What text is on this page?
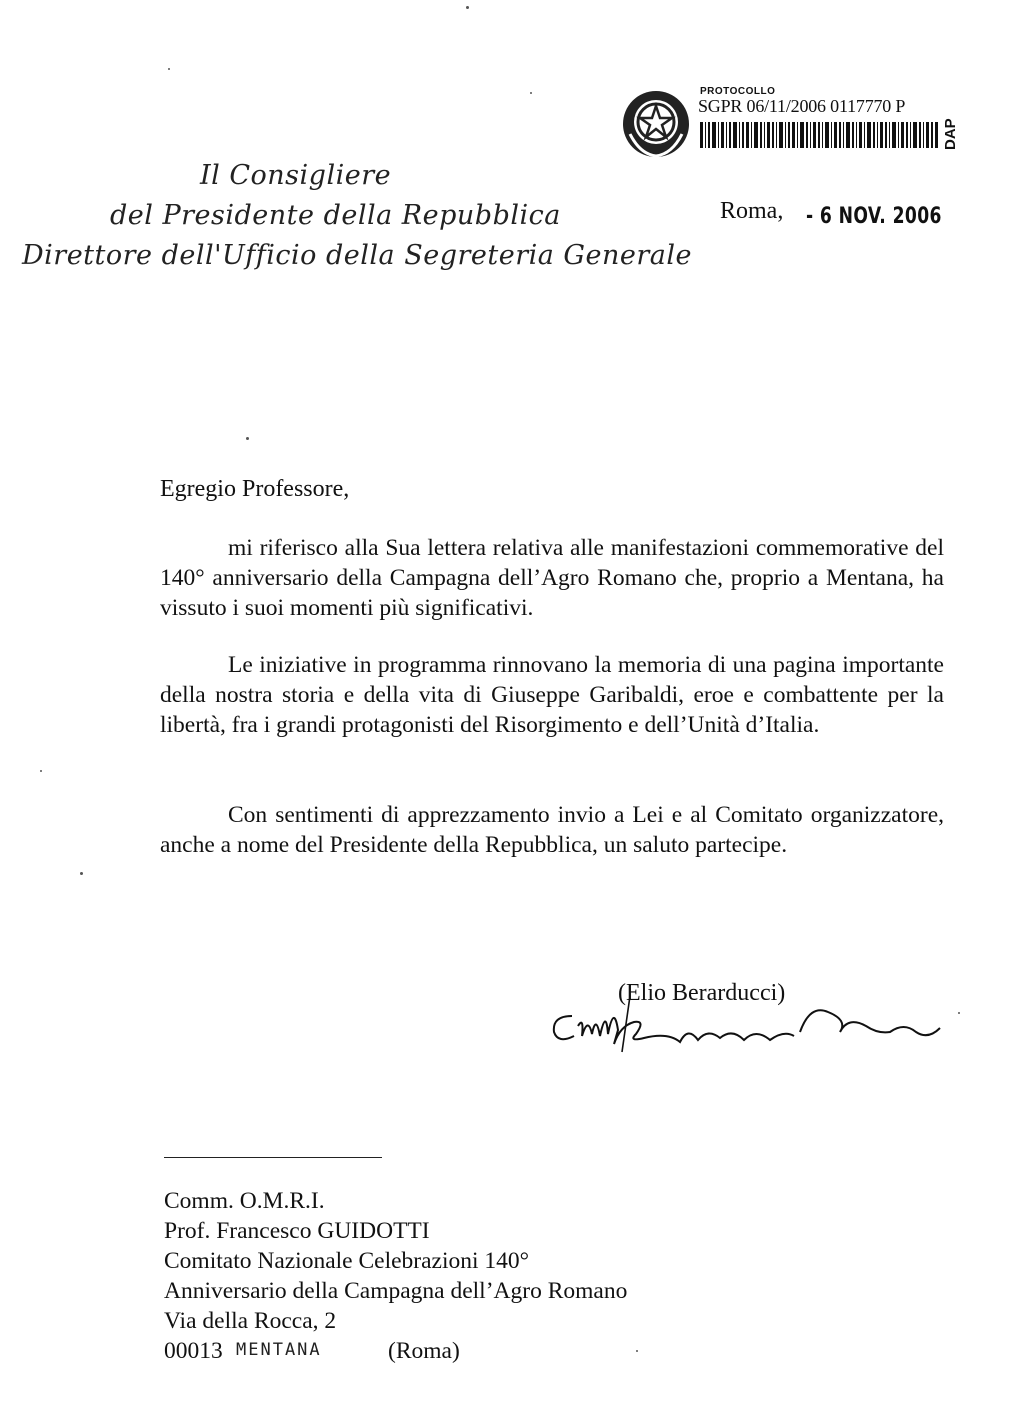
Il Consigliere
del Presidente della Repubblica
Direttore dell'Ufficio della Segreteria Generale
PROTOCOLLO
SGPR 06/11/2006 0117770 P
DAP
Roma, - 6 NOV. 2006
Egregio Professore,
mi riferisco alla Sua lettera relativa alle manifestazioni commemorative del 140° anniversario della Campagna dell’Agro Romano che, proprio a Mentana, ha vissuto i suoi momenti più significativi.
Le iniziative in programma rinnovano la memoria di una pagina importante della nostra storia e della vita di Giuseppe Garibaldi, eroe e combattente per la libertà, fra i grandi protagonisti del Risorgimento e dell’Unità d’Italia.
Con sentimenti di apprezzamento invio a Lei e al Comitato organizzatore, anche a nome del Presidente della Repubblica, un saluto partecipe.
(Elio Berarducci)
Comm. O.M.R.I.
Prof. Francesco GUIDOTTI
Comitato Nazionale Celebrazioni 140°
Anniversario della Campagna dell’Agro Romano
Via della Rocca, 2
00013 MENTANA	(Roma)
